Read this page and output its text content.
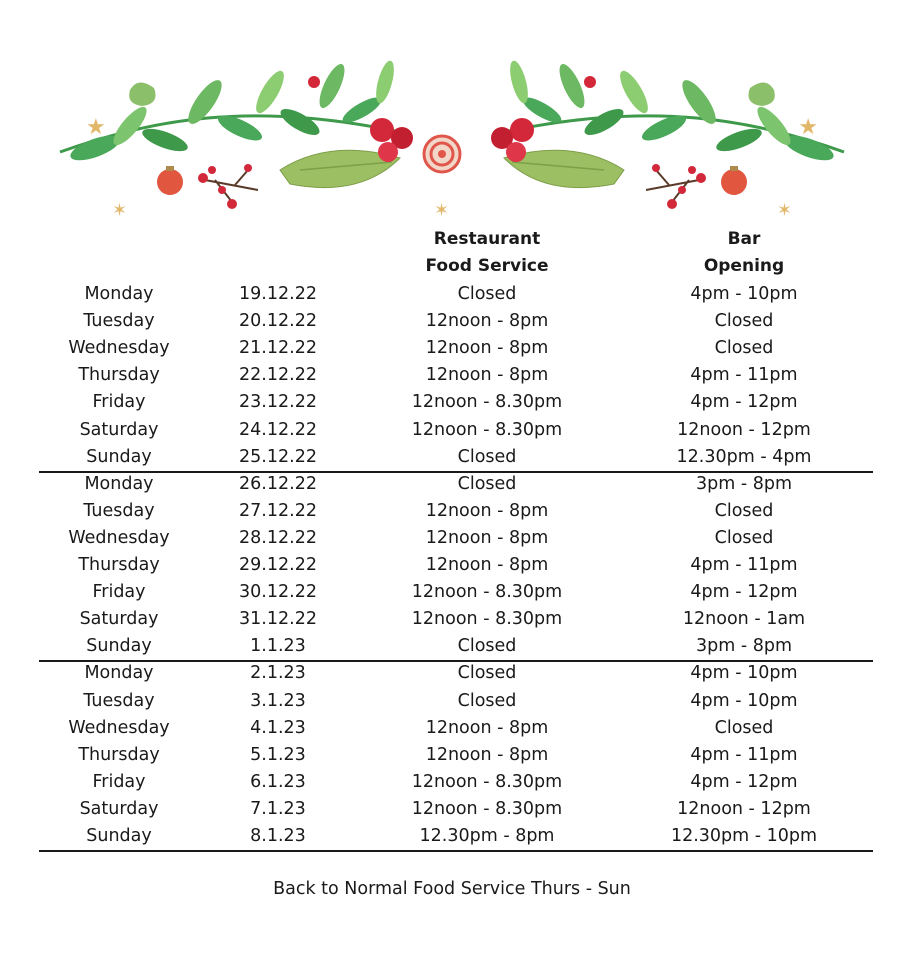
★
✶	✶
Restaurant
Food Service
Bar
Opening
Monday	19.12.22	Closed	4pm - 10pm
Tuesday	20.12.22	12noon - 8pm	Closed
Wednesday	21.12.22	12noon - 8pm	Closed
Thursday	22.12.22	12noon - 8pm	4pm - 11pm
Friday	23.12.22	12noon - 8.30pm	4pm - 12pm
Saturday	24.12.22	12noon - 8.30pm	12noon - 12pm
Sunday	25.12.22	Closed	12.30pm - 4pm
Monday	26.12.22	Closed	3pm - 8pm
Tuesday	27.12.22	12noon - 8pm	Closed
Wednesday	28.12.22	12noon - 8pm	Closed
Thursday	29.12.22	12noon - 8pm	4pm - 11pm
Friday	30.12.22	12noon - 8.30pm	4pm - 12pm
Saturday	31.12.22	12noon - 8.30pm	12noon - 1am
Sunday	1.1.23	Closed	3pm - 8pm
Monday	2.1.23	Closed	4pm - 10pm
Tuesday	3.1.23	Closed	4pm - 10pm
Wednesday	4.1.23	12noon - 8pm	Closed
Thursday	5.1.23	12noon - 8pm	4pm - 11pm
Friday	6.1.23	12noon - 8.30pm	4pm - 12pm
Saturday	7.1.23	12noon - 8.30pm	12noon - 12pm
Sunday	8.1.23	12.30pm - 8pm	12.30pm - 10pm
Back to Normal Food Service Thurs - Sun
